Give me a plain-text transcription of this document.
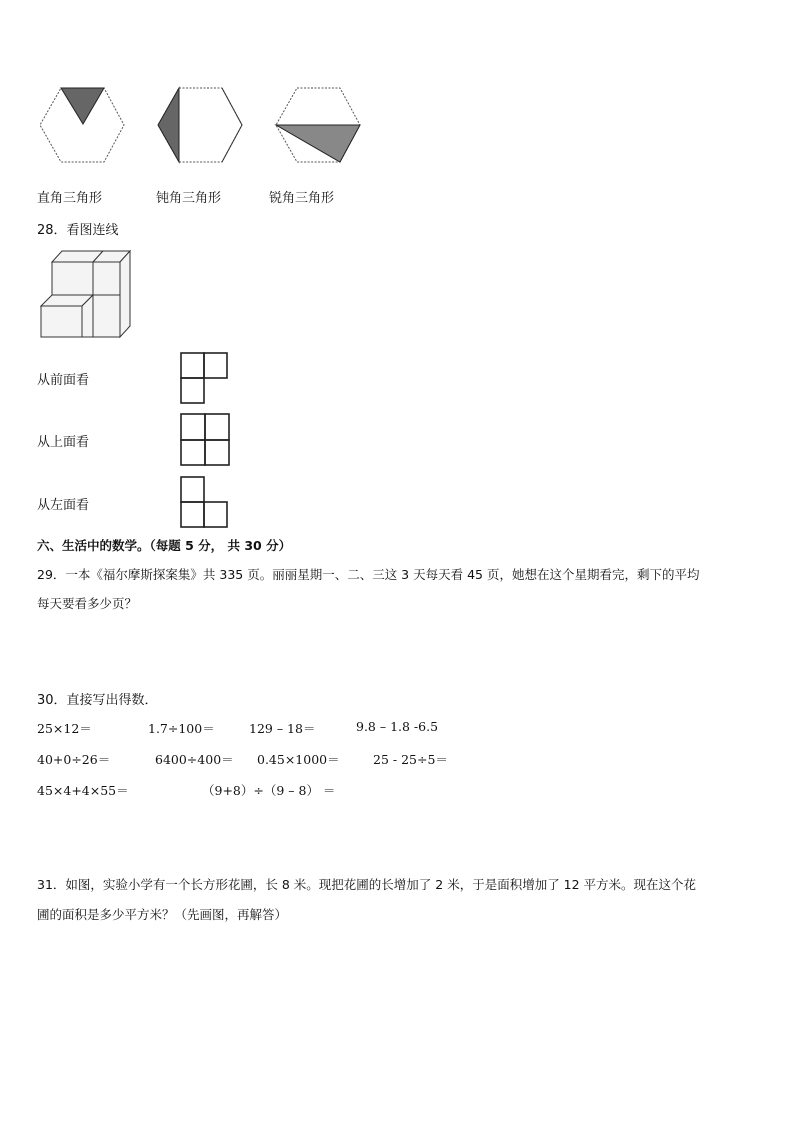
直角三角形	钝角三角形	锐角三角形
28．看图连线
从前面看
从上面看
从左面看
六、生活中的数学。（每题 5 分， 共 30 分）
29．一本《福尔摩斯探案集》共 335 页。丽丽星期一、二、三这 3 天每天看 45 页，她想在这个星期看完，剩下的平均
每天要看多少页？
30．直接写出得数．
25×12＝	1.7÷100＝	129 – 18＝	9.8 – 1.8 -6.5
40+0÷26＝	6400÷400＝ 0.45×1000＝	25 - 25÷5＝
45×4+4×55＝	（9+8）÷（9 – 8） ＝
31．如图，实验小学有一个长方形花圃，长 8 米。现把花圃的长增加了 2 米，于是面积增加了 12 平方米。现在这个花
圃的面积是多少平方米？（先画图，再解答）
